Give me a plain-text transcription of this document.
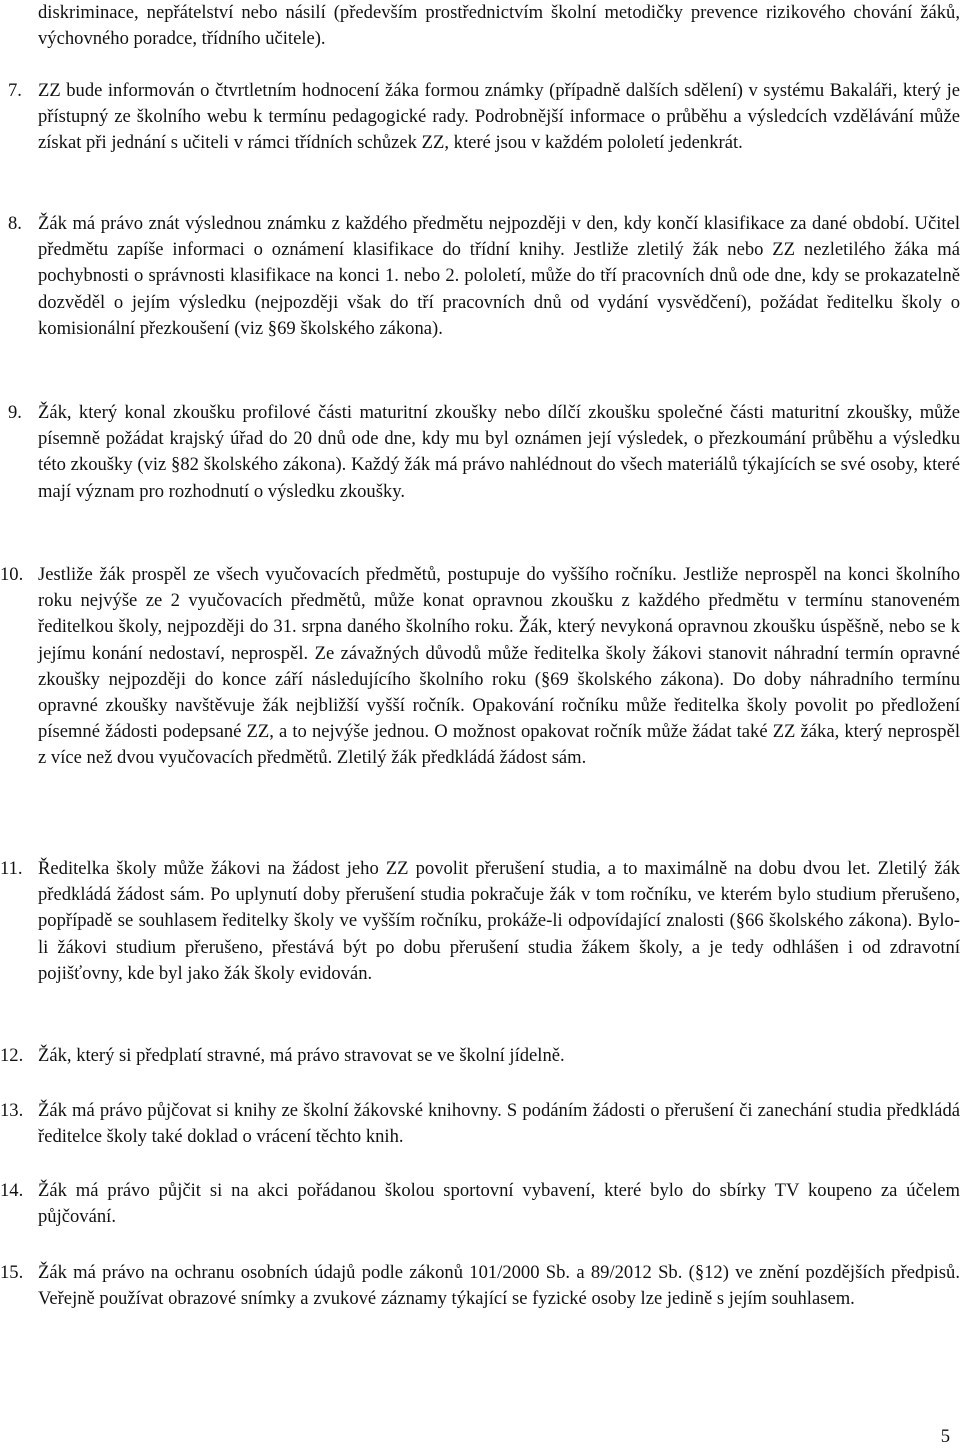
diskriminace, nepřátelství nebo násilí (především prostřednictvím školní metodičky prevence rizikového chování žáků, výchovného poradce, třídního učitele).
7. ZZ bude informován o čtvrtletním hodnocení žáka formou známky (případně dalších sdělení) v systému Bakaláři, který je přístupný ze školního webu k termínu pedagogické rady. Podrobnější informace o průběhu a výsledcích vzdělávání může získat při jednání s učiteli v rámci třídních schůzek ZZ, které jsou v každém pololetí jedenkrát.
8. Žák má právo znát výslednou známku z každého předmětu nejpozději v den, kdy končí klasifikace za dané období. Učitel předmětu zapíše informaci o oznámení klasifikace do třídní knihy. Jestliže zletilý žák nebo ZZ nezletilého žáka má pochybnosti o správnosti klasifikace na konci 1. nebo 2. pololetí, může do tří pracovních dnů ode dne, kdy se prokazatelně dozvěděl o jejím výsledku (nejpozději však do tří pracovních dnů od vydání vysvědčení), požádat ředitelku školy o komisionální přezkoušení (viz §69 školského zákona).
9. Žák, který konal zkoušku profilové části maturitní zkoušky nebo dílčí zkoušku společné části maturitní zkoušky, může písemně požádat krajský úřad do 20 dnů ode dne, kdy mu byl oznámen její výsledek, o přezkoumání průběhu a výsledku této zkoušky (viz §82 školského zákona). Každý žák má právo nahlédnout do všech materiálů týkajících se své osoby, které mají význam pro rozhodnutí o výsledku zkoušky.
10. Jestliže žák prospěl ze všech vyučovacích předmětů, postupuje do vyššího ročníku. Jestliže neprospěl na konci školního roku nejvýše ze 2 vyučovacích předmětů, může konat opravnou zkoušku z každého předmětu v termínu stanoveném ředitelkou školy, nejpozději do 31. srpna daného školního roku. Žák, který nevykoná opravnou zkoušku úspěšně, nebo se k jejímu konání nedostaví, neprospěl. Ze závažných důvodů může ředitelka školy žákovi stanovit náhradní termín opravné zkoušky nejpozději do konce září následujícího školního roku (§69 školského zákona). Do doby náhradního termínu opravné zkoušky navštěvuje žák nejbližší vyšší ročník. Opakování ročníku může ředitelka školy povolit po předložení písemné žádosti podepsané ZZ, a to nejvýše jednou. O možnost opakovat ročník může žádat také ZZ žáka, který neprospěl z více než dvou vyučovacích předmětů. Zletilý žák předkládá žádost sám.
11. Ředitelka školy může žákovi na žádost jeho ZZ povolit přerušení studia, a to maximálně na dobu dvou let. Zletilý žák předkládá žádost sám. Po uplynutí doby přerušení studia pokračuje žák v tom ročníku, ve kterém bylo studium přerušeno, popřípadě se souhlasem ředitelky školy ve vyšším ročníku, prokáže-li odpovídající znalosti (§66 školského zákona). Bylo-li žákovi studium přerušeno, přestává být po dobu přerušení studia žákem školy, a je tedy odhlášen i od zdravotní pojišťovny, kde byl jako žák školy evidován.
12. Žák, který si předplatí stravné, má právo stravovat se ve školní jídelně.
13. Žák má právo půjčovat si knihy ze školní žákovské knihovny. S podáním žádosti o přerušení či zanechání studia předkládá ředitelce školy také doklad o vrácení těchto knih.
14. Žák má právo půjčit si na akci pořádanou školou sportovní vybavení, které bylo do sbírky TV koupeno za účelem půjčování.
15. Žák má právo na ochranu osobních údajů podle zákonů 101/2000 Sb. a 89/2012 Sb. (§12) ve znění pozdějších předpisů. Veřejně používat obrazové snímky a zvukové záznamy týkající se fyzické osoby lze jedině s jejím souhlasem.
5
